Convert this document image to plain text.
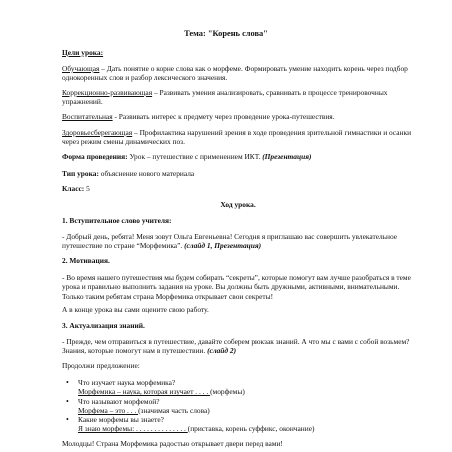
Тема: "Корень слова"

Цели урока:

Обучающая – Дать понятие о корне слова как о морфеме. Формировать умение находить корень через подбор однокоренных слов и разбор лексического значения.

Коррекционно-развивающая – Развивать умения анализировать, сравнивать в процессе тренировочных упражнений.

Воспитательная - Развивать интерес к предмету через проведение урока-путешествия.

Здоровьесберегающая – Профилактика нарушений зрения в ходе проведения зрительной гимнастики и осанки через режим смены динамических поз.

Форма проведения: Урок – путешествие с применением ИКТ. (Презентация)

Тип урока: объяснение нового материала

Класс: 5

Ход урока.

1. Вступительное слово учителя:

- Добрый день, ребята! Меня зовут Ольга Евгеньевна! Сегодня я приглашаю вас совершить увлекательное путешествие по стране “Морфемика”. (слайд 1, Презентация)

2. Мотивация.

- Во время нашего путешествия мы будем собирать “секреты”, которые помогут вам лучше разобраться в теме урока и правильно выполнить задания на уроке. Вы должны быть дружными, активными, внимательными. Только таким ребятам страна Морфемика открывает свои секреты!

А в конце урока вы сами оцените свою работу.

3. Актуализация знаний.

- Прежде, чем отправиться в путешествие, давайте соберем рюкзак знаний. А что мы с вами с собой возьмем? Знания, которые помогут нам в путешествии. (слайд 2)

Продолжи предложение:

• Что изучает наука морфемика?
Морфемика – наука, которая изучает . . . . (морфемы)
• Что называют морфемой?
Морфема – это . . . (значимая часть слова)
• Какие морфемы вы знаете?
Я знаю морфемы: . . . . . . . . . . . . . . (приставка, корень суффикс, окончание)

Молодцы! Страна Морфемика радостью открывает двери перед вами!
